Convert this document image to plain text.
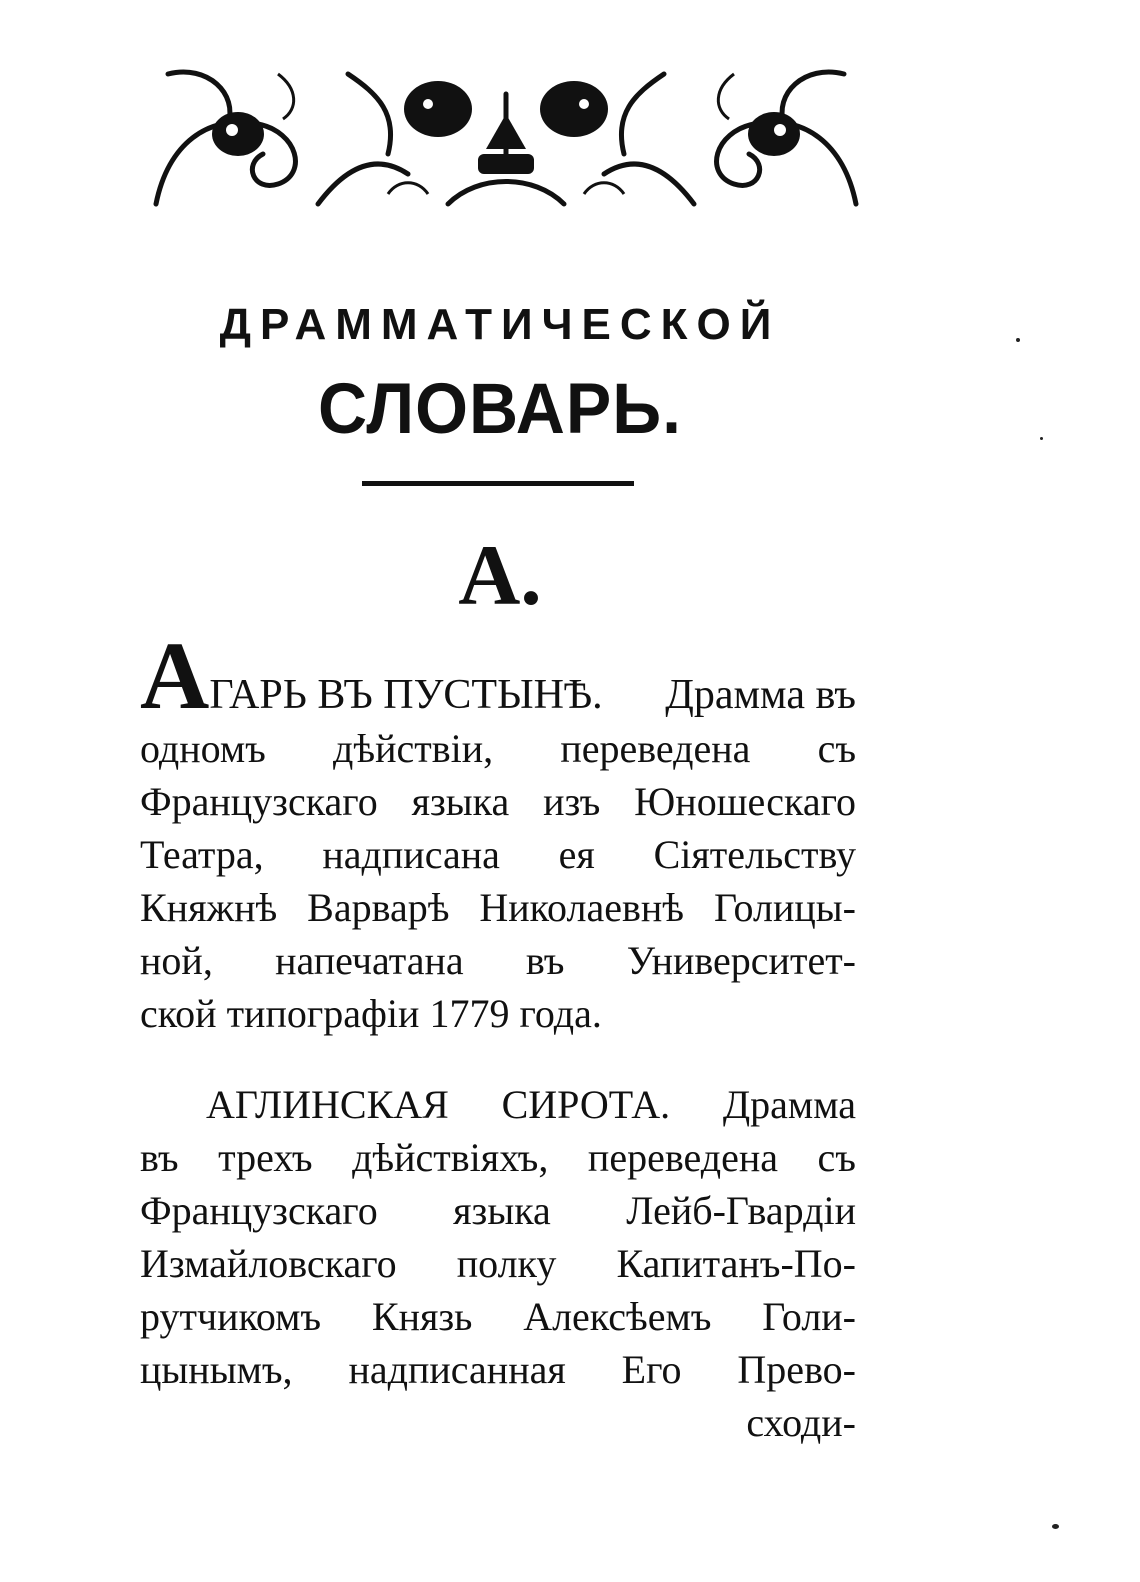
ДРАММАТИЧЕСКОЙ
СЛОВАРЬ.
А.
АГАРЬ ВЪ ПУСТЫНѢ. Драмма въ
одномъ дѣйствіи, переведена съ
Французскаго языка изъ Юношескаго
Театра, надписана ея Сіятельству
Княжнѣ Варварѣ Николаевнѣ Голицы-
ной, напечатана въ Университет-
ской типографіи 1779 года.
АГЛИНСКАЯ СИРОТА. Драмма
въ трехъ дѣйствіяхъ, переведена съ
Французскаго языка Лейб-Гвардіи
Измайловскаго полку Капитанъ-По-
рутчикомъ Князь Алексѣемъ Голи-
цынымъ, надписанная Его Прево-
сходи-
